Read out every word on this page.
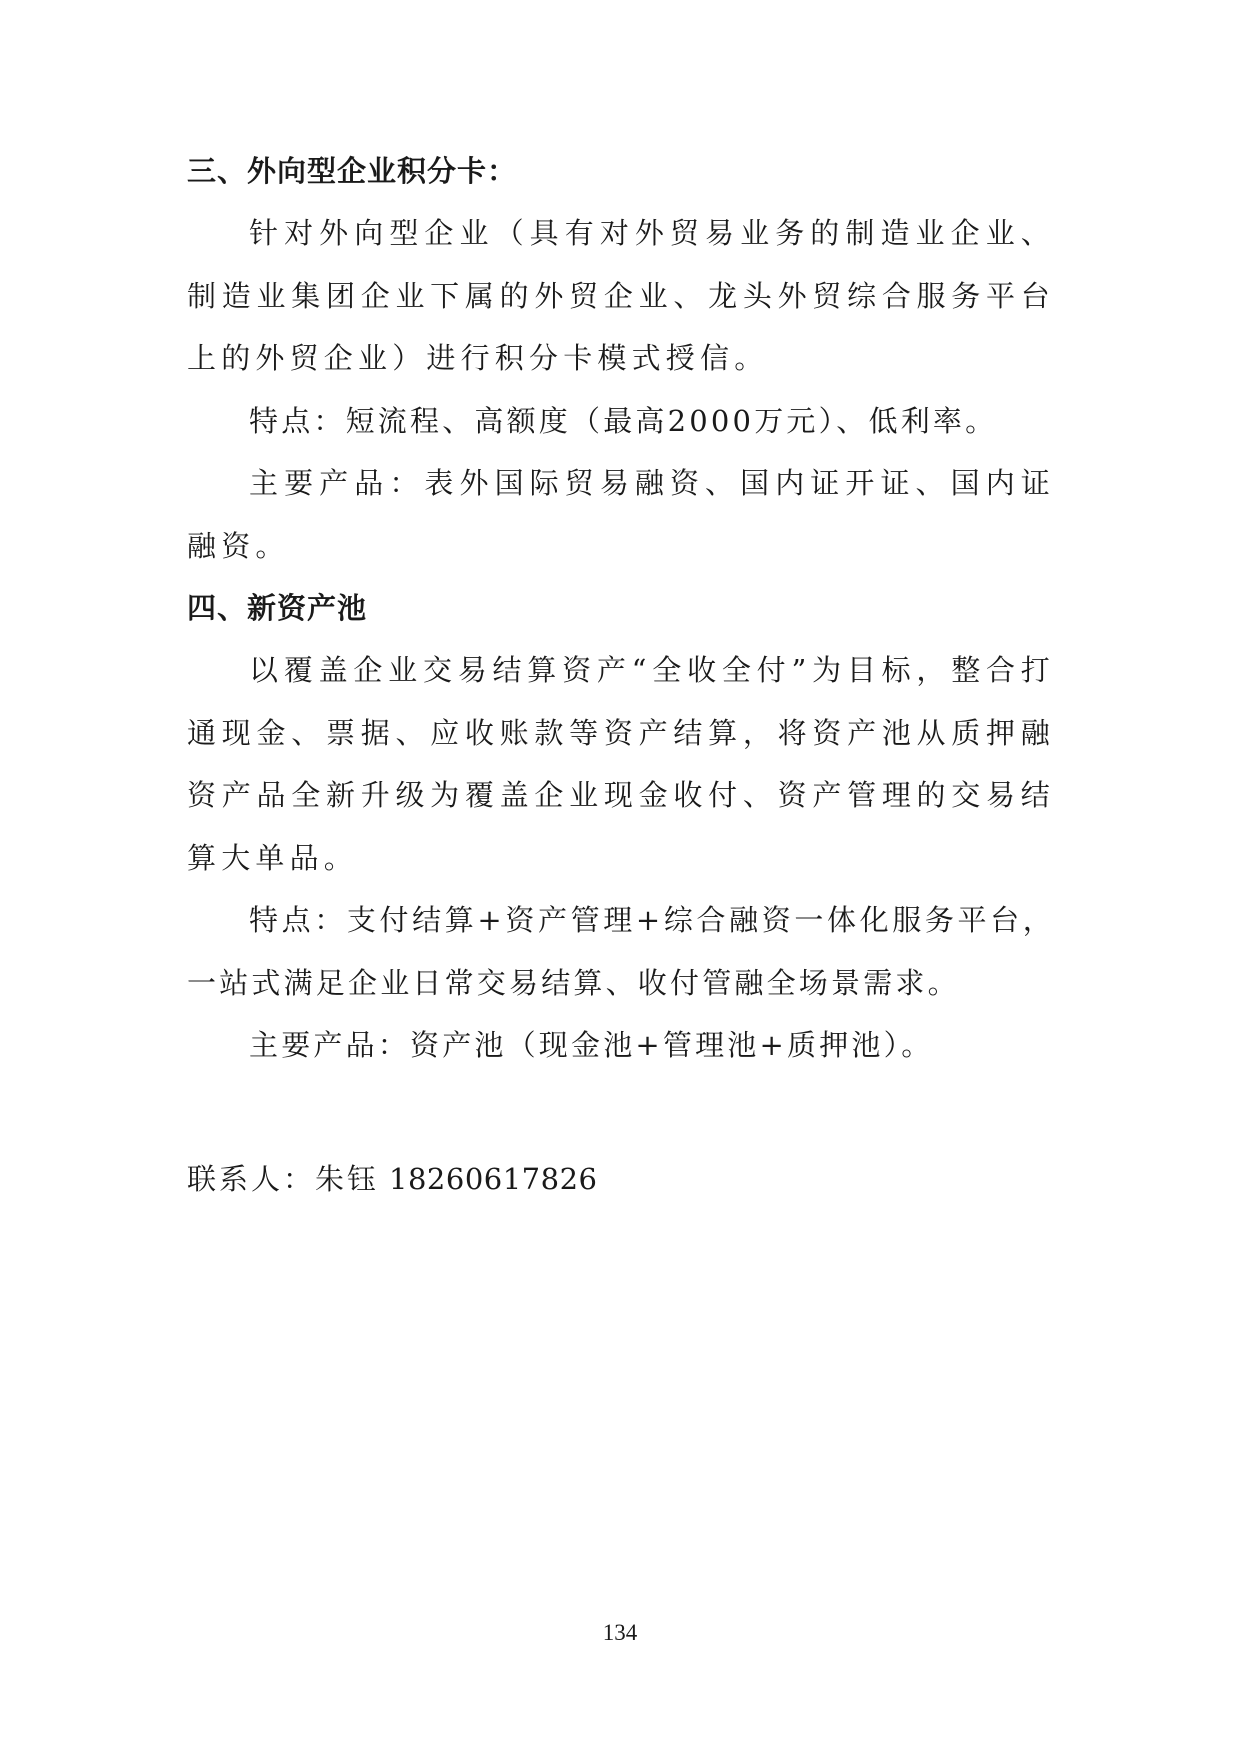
三、外向型企业积分卡：

针对外向型企业（具有对外贸易业务的制造业企业、制造业集团企业下属的外贸企业、龙头外贸综合服务平台上的外贸企业）进行积分卡模式授信。

特点：短流程、高额度（最高2000万元）、低利率。

主要产品：表外国际贸易融资、国内证开证、国内证融资。

四、新资产池

以覆盖企业交易结算资产“全收全付”为目标，整合打通现金、票据、应收账款等资产结算，将资产池从质押融资产品全新升级为覆盖企业现金收付、资产管理的交易结算大单品。

特点：支付结算+资产管理+综合融资一体化服务平台，一站式满足企业日常交易结算、收付管融全场景需求。

主要产品：资产池（现金池+管理池+质押池）。

联系人：朱钰 18260617826

134
